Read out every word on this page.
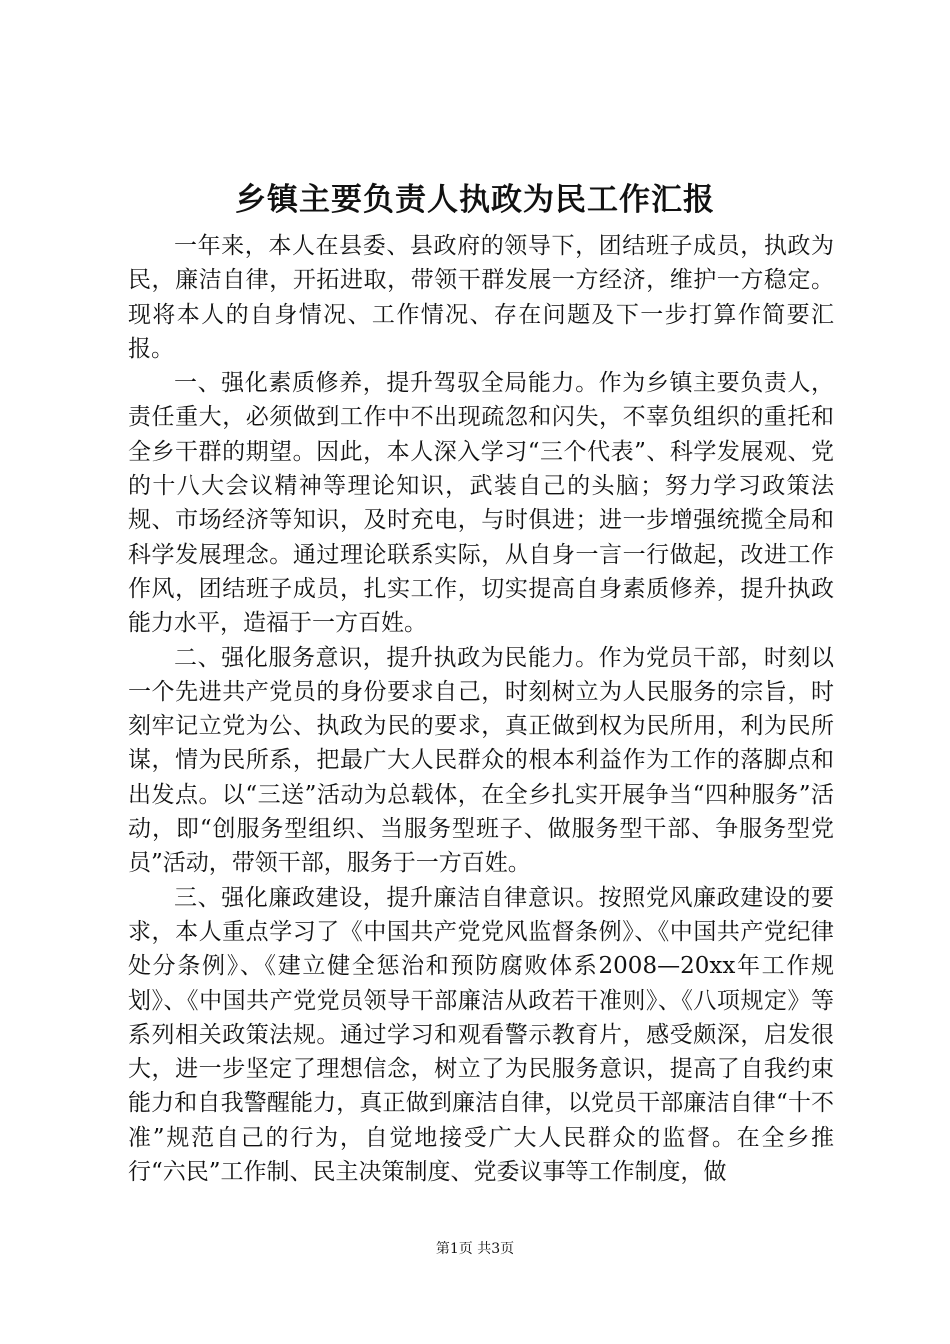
乡镇主要负责人执政为民工作汇报

一年来，本人在县委、县政府的领导下，团结班子成员，执政为民，廉洁自律，开拓进取，带领干群发展一方经济，维护一方稳定。现将本人的自身情况、工作情况、存在问题及下一步打算作简要汇报。

一、强化素质修养，提升驾驭全局能力。作为乡镇主要负责人，责任重大，必须做到工作中不出现疏忽和闪失，不辜负组织的重托和全乡干群的期望。因此，本人深入学习“三个代表”、科学发展观、党的十八大会议精神等理论知识，武装自己的头脑；努力学习政策法规、市场经济等知识，及时充电，与时俱进；进一步增强统揽全局和科学发展理念。通过理论联系实际，从自身一言一行做起，改进工作作风，团结班子成员，扎实工作，切实提高自身素质修养，提升执政能力水平，造福于一方百姓。

二、强化服务意识，提升执政为民能力。作为党员干部，时刻以一个先进共产党员的身份要求自己，时刻树立为人民服务的宗旨，时刻牢记立党为公、执政为民的要求，真正做到权为民所用，利为民所谋，情为民所系，把最广大人民群众的根本利益作为工作的落脚点和出发点。以“三送”活动为总载体，在全乡扎实开展争当“四种服务”活动，即“创服务型组织、当服务型班子、做服务型干部、争服务型党员”活动，带领干部，服务于一方百姓。

三、强化廉政建设，提升廉洁自律意识。按照党风廉政建设的要求，本人重点学习了《中国共产党党风监督条例》、《中国共产党纪律处分条例》、《建立健全惩治和预防腐败体系2008—20xx年工作规划》、《中国共产党党员领导干部廉洁从政若干准则》、《八项规定》等系列相关政策法规。通过学习和观看警示教育片，感受颇深，启发很大，进一步坚定了理想信念，树立了为民服务意识，提高了自我约束能力和自我警醒能力，真正做到廉洁自律，以党员干部廉洁自律“十不准”规范自己的行为，自觉地接受广大人民群众的监督。在全乡推行“六民”工作制、民主决策制度、党委议事等工作制度，做

第1页 共3页
